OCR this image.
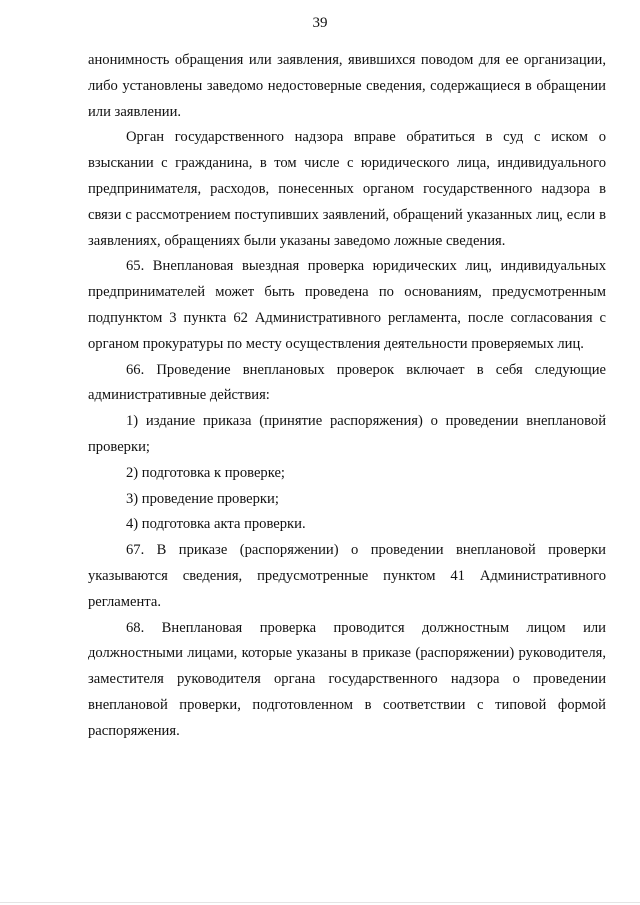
39

анонимность обращения или заявления, явившихся поводом для ее организации, либо установлены заведомо недостоверные сведения, содержащиеся в обращении или заявлении.

Орган государственного надзора вправе обратиться в суд с иском о взыскании с гражданина, в том числе с юридического лица, индивидуального предпринимателя, расходов, понесенных органом государственного надзора в связи с рассмотрением поступивших заявлений, обращений указанных лиц, если в заявлениях, обращениях были указаны заведомо ложные сведения.

65. Внеплановая выездная проверка юридических лиц, индивидуальных предпринимателей может быть проведена по основаниям, предусмотренным подпунктом 3 пункта 62 Административного регламента, после согласования с органом прокуратуры по месту осуществления деятельности проверяемых лиц.

66. Проведение внеплановых проверок включает в себя следующие административные действия:

1) издание приказа (принятие распоряжения) о проведении внеплановой проверки;

2) подготовка к проверке;

3) проведение проверки;

4) подготовка акта проверки.

67. В приказе (распоряжении) о проведении внеплановой проверки указываются сведения, предусмотренные пунктом 41 Административного регламента.

68. Внеплановая проверка проводится должностным лицом или должностными лицами, которые указаны в приказе (распоряжении) руководителя, заместителя руководителя органа государственного надзора о проведении внеплановой проверки, подготовленном в соответствии с типовой формой распоряжения.
